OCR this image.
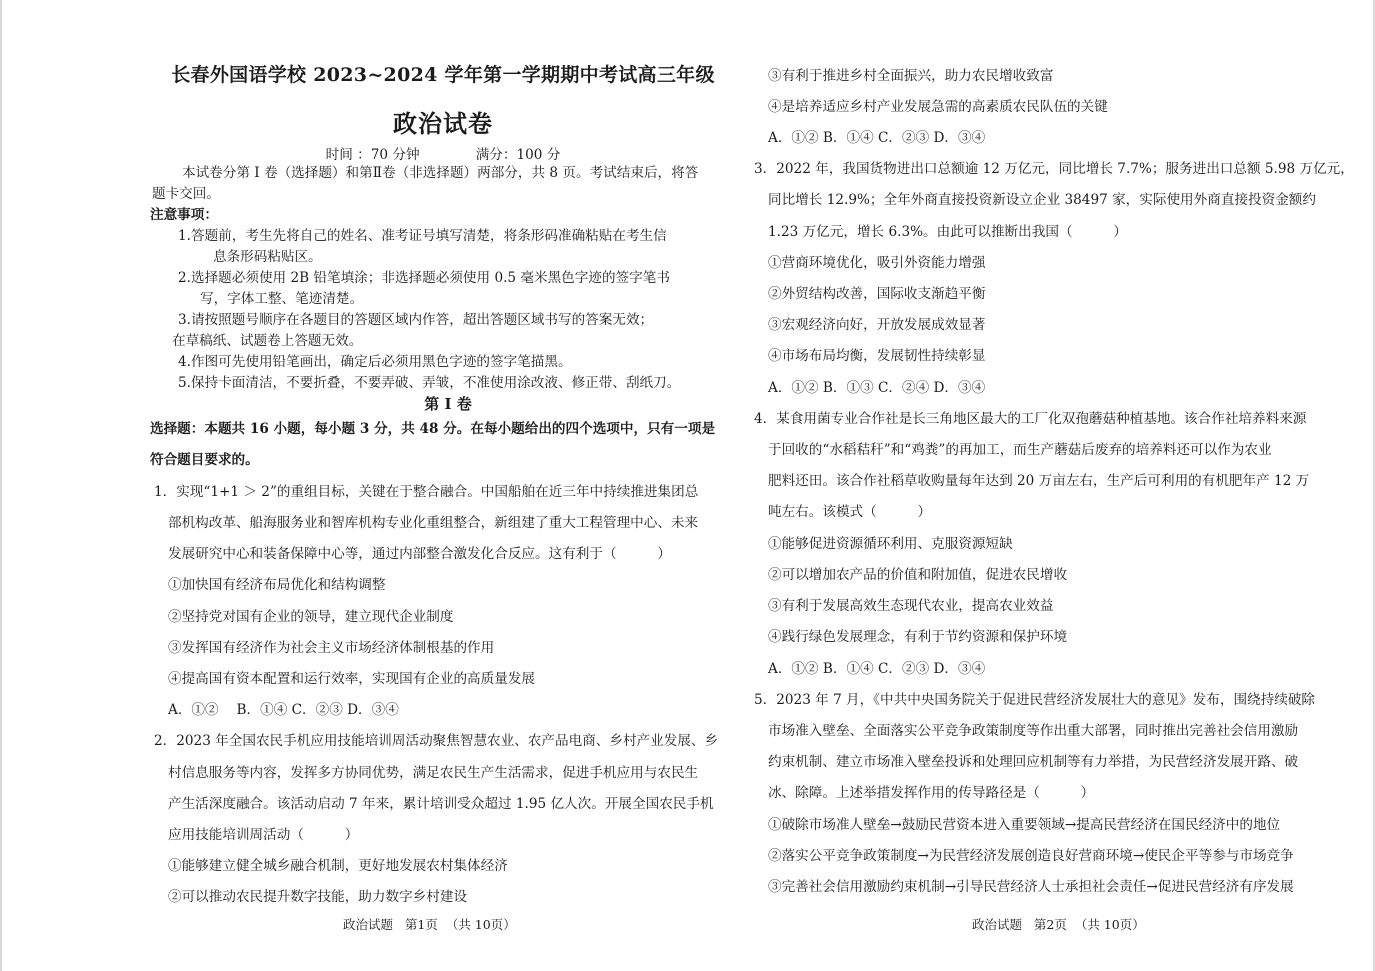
长春外国语学校 2023~2024 学年第一学期期中考试高三年级
政治试卷
时间 ：70 分钟             满分：100 分
本试卷分第 Ⅰ 卷（选择题）和第Ⅱ卷（非选择题）两部分，共 8 页。考试结束后，将答
题卡交回。
注意事项：
1.答题前，考生先将自己的姓名、准考证号填写清楚，将条形码准确粘贴在考生信
息条形码粘贴区。
2.选择题必须使用 2B 铅笔填涂；非选择题必须使用 0.5 毫米黑色字迹的签字笔书
写，字体工整、笔迹清楚。
3.请按照题号顺序在各题目的答题区域内作答，超出答题区域书写的答案无效；
在草稿纸、试题卷上答题无效。
4.作图可先使用铅笔画出，确定后必须用黑色字迹的签字笔描黑。
5.保持卡面清洁，不要折叠，不要弄破、弄皱，不准使用涂改液、修正带、刮纸刀。
第 Ⅰ 卷
选择题：本题共 16 小题，每小题 3 分，共 48 分。在每小题给出的四个选项中，只有一项是
符合题目要求的。
1．实现“1+1 ＞ 2”的重组目标，关键在于整合融合。中国船舶在近三年中持续推进集团总
部机构改革、船海服务业和智库机构专业化重组整合，新组建了重大工程管理中心、未来
发展研究中心和装备保障中心等，通过内部整合激发化合反应。这有利于（　　　）
①加快国有经济布局优化和结构调整
②坚持党对国有企业的领导，建立现代企业制度
③发挥国有经济作为社会主义市场经济体制根基的作用
④提高国有资本配置和运行效率，实现国有企业的高质量发展
A．①②　 B．①④ C．②③ D．③④
2．2023 年全国农民手机应用技能培训周活动聚焦智慧农业、农产品电商、乡村产业发展、乡
村信息服务等内容，发挥多方协同优势，满足农民生产生活需求，促进手机应用与农民生
产生活深度融合。该活动启动 7 年来，累计培训受众超过 1.95 亿人次。开展全国农民手机
应用技能培训周活动（　　　）
①能够建立健全城乡融合机制，更好地发展农村集体经济
②可以推动农民提升数字技能，助力数字乡村建设
政治试题   第1页  （共 10页）
③有利于推进乡村全面振兴，助力农民增收致富
④是培养适应乡村产业发展急需的高素质农民队伍的关键
A．①② B．①④ C．②③ D．③④
3．2022 年，我国货物进出口总额逾 12 万亿元，同比增长 7.7%；服务进出口总额 5.98 万亿元，
同比增长 12.9%；全年外商直接投资新设立企业 38497 家，实际使用外商直接投资金额约
1.23 万亿元，增长 6.3%。由此可以推断出我国（　　　）
①营商环境优化，吸引外资能力增强
②外贸结构改善，国际收支渐趋平衡
③宏观经济向好，开放发展成效显著
④市场布局均衡，发展韧性持续彰显
A．①② B．①③ C．②④ D．③④
4．某食用菌专业合作社是长三角地区最大的工厂化双孢蘑菇种植基地。该合作社培养料来源
于回收的“水稻秸秆”和“鸡粪”的再加工，而生产蘑菇后废弃的培养料还可以作为农业
肥料还田。该合作社稻草收购量每年达到 20 万亩左右，生产后可利用的有机肥年产 12 万
吨左右。该模式（　　　）
①能够促进资源循环利用、克服资源短缺
②可以增加农产品的价值和附加值，促进农民增收
③有利于发展高效生态现代农业，提高农业效益
④践行绿色发展理念，有利于节约资源和保护环境
A．①② B．①④ C．②③ D．③④
5．2023 年 7 月，《中共中央国务院关于促进民营经济发展壮大的意见》发布，围绕持续破除
市场准入壁垒、全面落实公平竞争政策制度等作出重大部署，同时推出完善社会信用激励
约束机制、建立市场准入壁垒投诉和处理回应机制等有力举措，为民营经济发展开路、破
冰、除障。上述举措发挥作用的传导路径是（　　　）
①破除市场准人壁垒→鼓励民营资本进入重要领域→提高民营经济在国民经济中的地位
②落实公平竞争政策制度→为民营经济发展创造良好营商环境→使民企平等参与市场竞争
③完善社会信用激励约束机制→引导民营经济人士承担社会责任→促进民营经济有序发展
政治试题   第2页  （共 10页）
